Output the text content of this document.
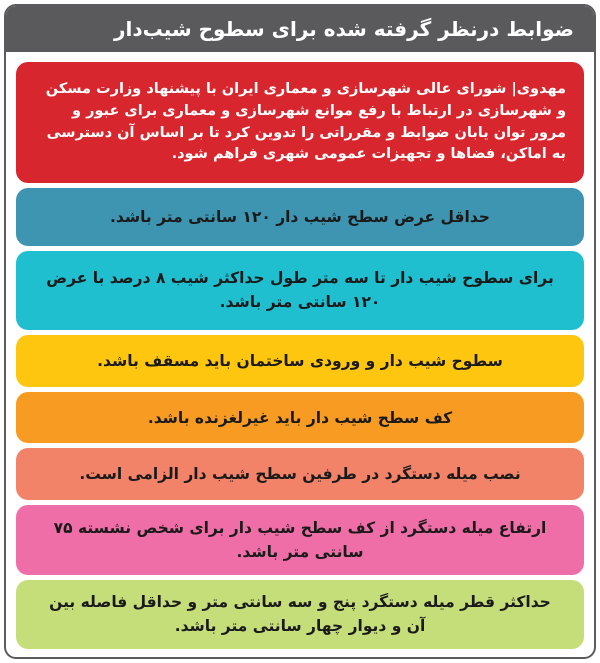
ضوابط درنظر گرفته شده برای سطوح شیب‌دار
مهدوی| شورای عالی شهرسازی و معماری ایران با پیشنهاد وزارت مسکن و شهرسازی در ارتباط با رفع موانع شهرسازی و معماری برای عبور و مرور توان یابان ضوابط و مقرراتی را تدوین کرد تا بر اساس آن دسترسی به اماکن، فضاها و تجهیزات عمومی شهری فراهم شود.
حداقل عرض سطح شیب دار ۱۲۰ سانتی متر باشد.
برای سطوح شیب دار تا سه متر طول حداکثر شیب ۸ درصد با عرض ۱۲۰ سانتی متر باشد.
سطوح شیب دار و ورودی ساختمان باید مسقف باشد.
کف سطح شیب دار باید غیرلغزنده باشد.
نصب میله دستگرد در طرفین سطح شیب دار الزامی است.
ارتفاع میله دستگرد از کف سطح شیب دار برای شخص نشسته ۷۵ سانتی متر باشد.
حداکثر قطر میله دستگرد پنج و سه سانتی متر و حداقل فاصله بین آن و دیوار چهار سانتی متر باشد.
